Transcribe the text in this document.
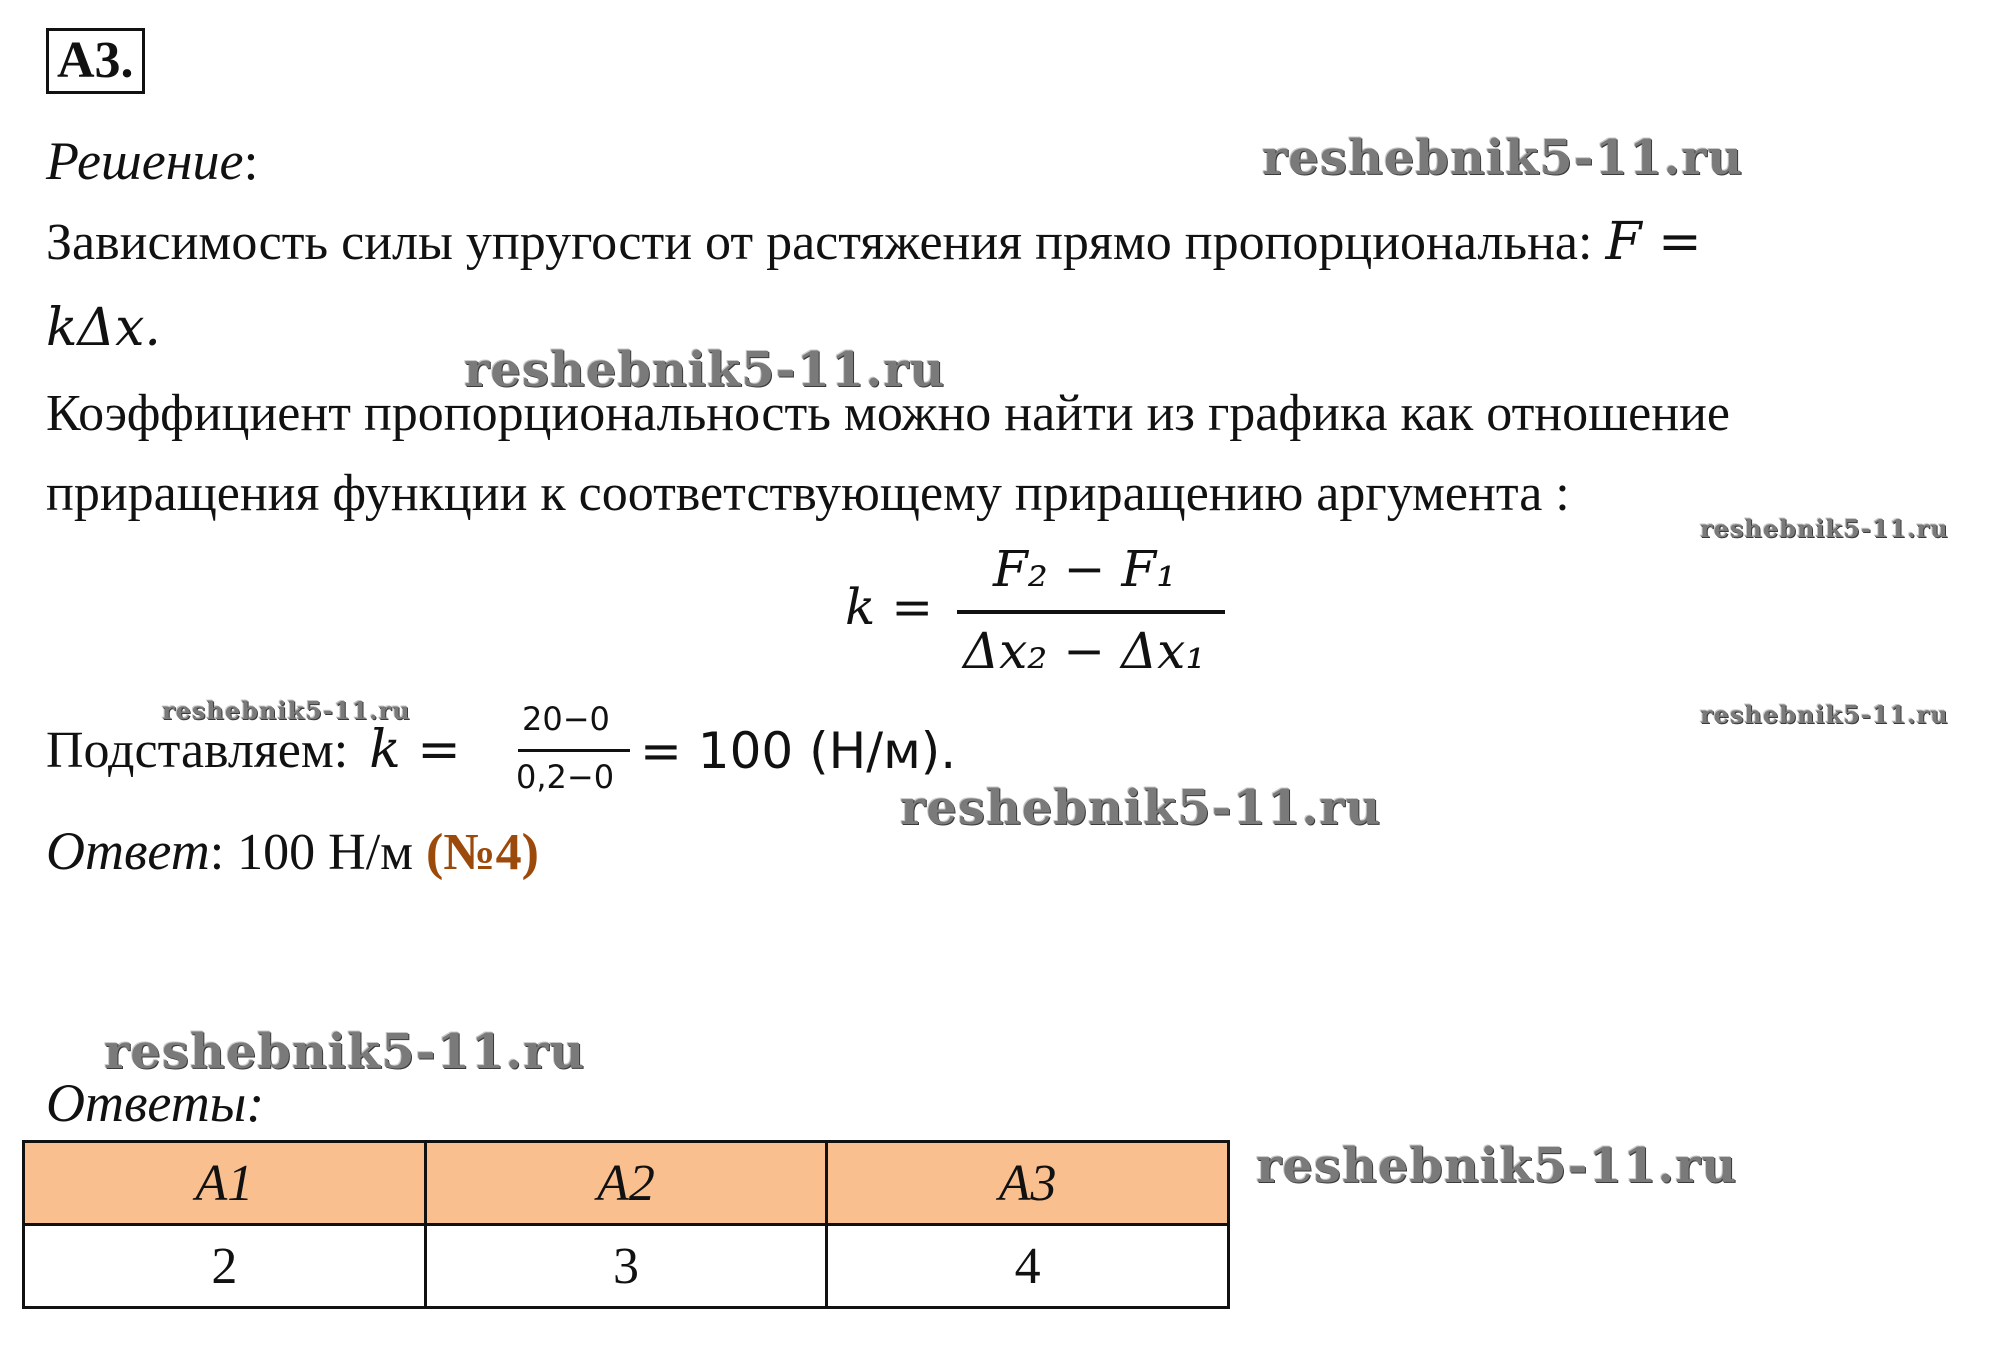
А3.
Решение:
Зависимость силы упругости от растяжения прямо пропорциональна: F =
kΔx.
Коэффициент пропорциональность можно найти из графика как отношение
приращения функции к соответствующему приращению аргумента :
k =
F₂ − F₁
Δx₂ − Δx₁
Подставляем: k =
20−0
0,2−0 = 100 (Н/м).
Ответ: 100 Н/м (№4)
Ответы:
А1	А2	А3
2	3	4
reshebnik5-11.ru
reshebnik5-11.ru
reshebnik5-11.ru
reshebnik5-11.ru	reshebnik5-11.ru
reshebnik5-11.ru
reshebnik5-11.ru
reshebnik5-11.ru
